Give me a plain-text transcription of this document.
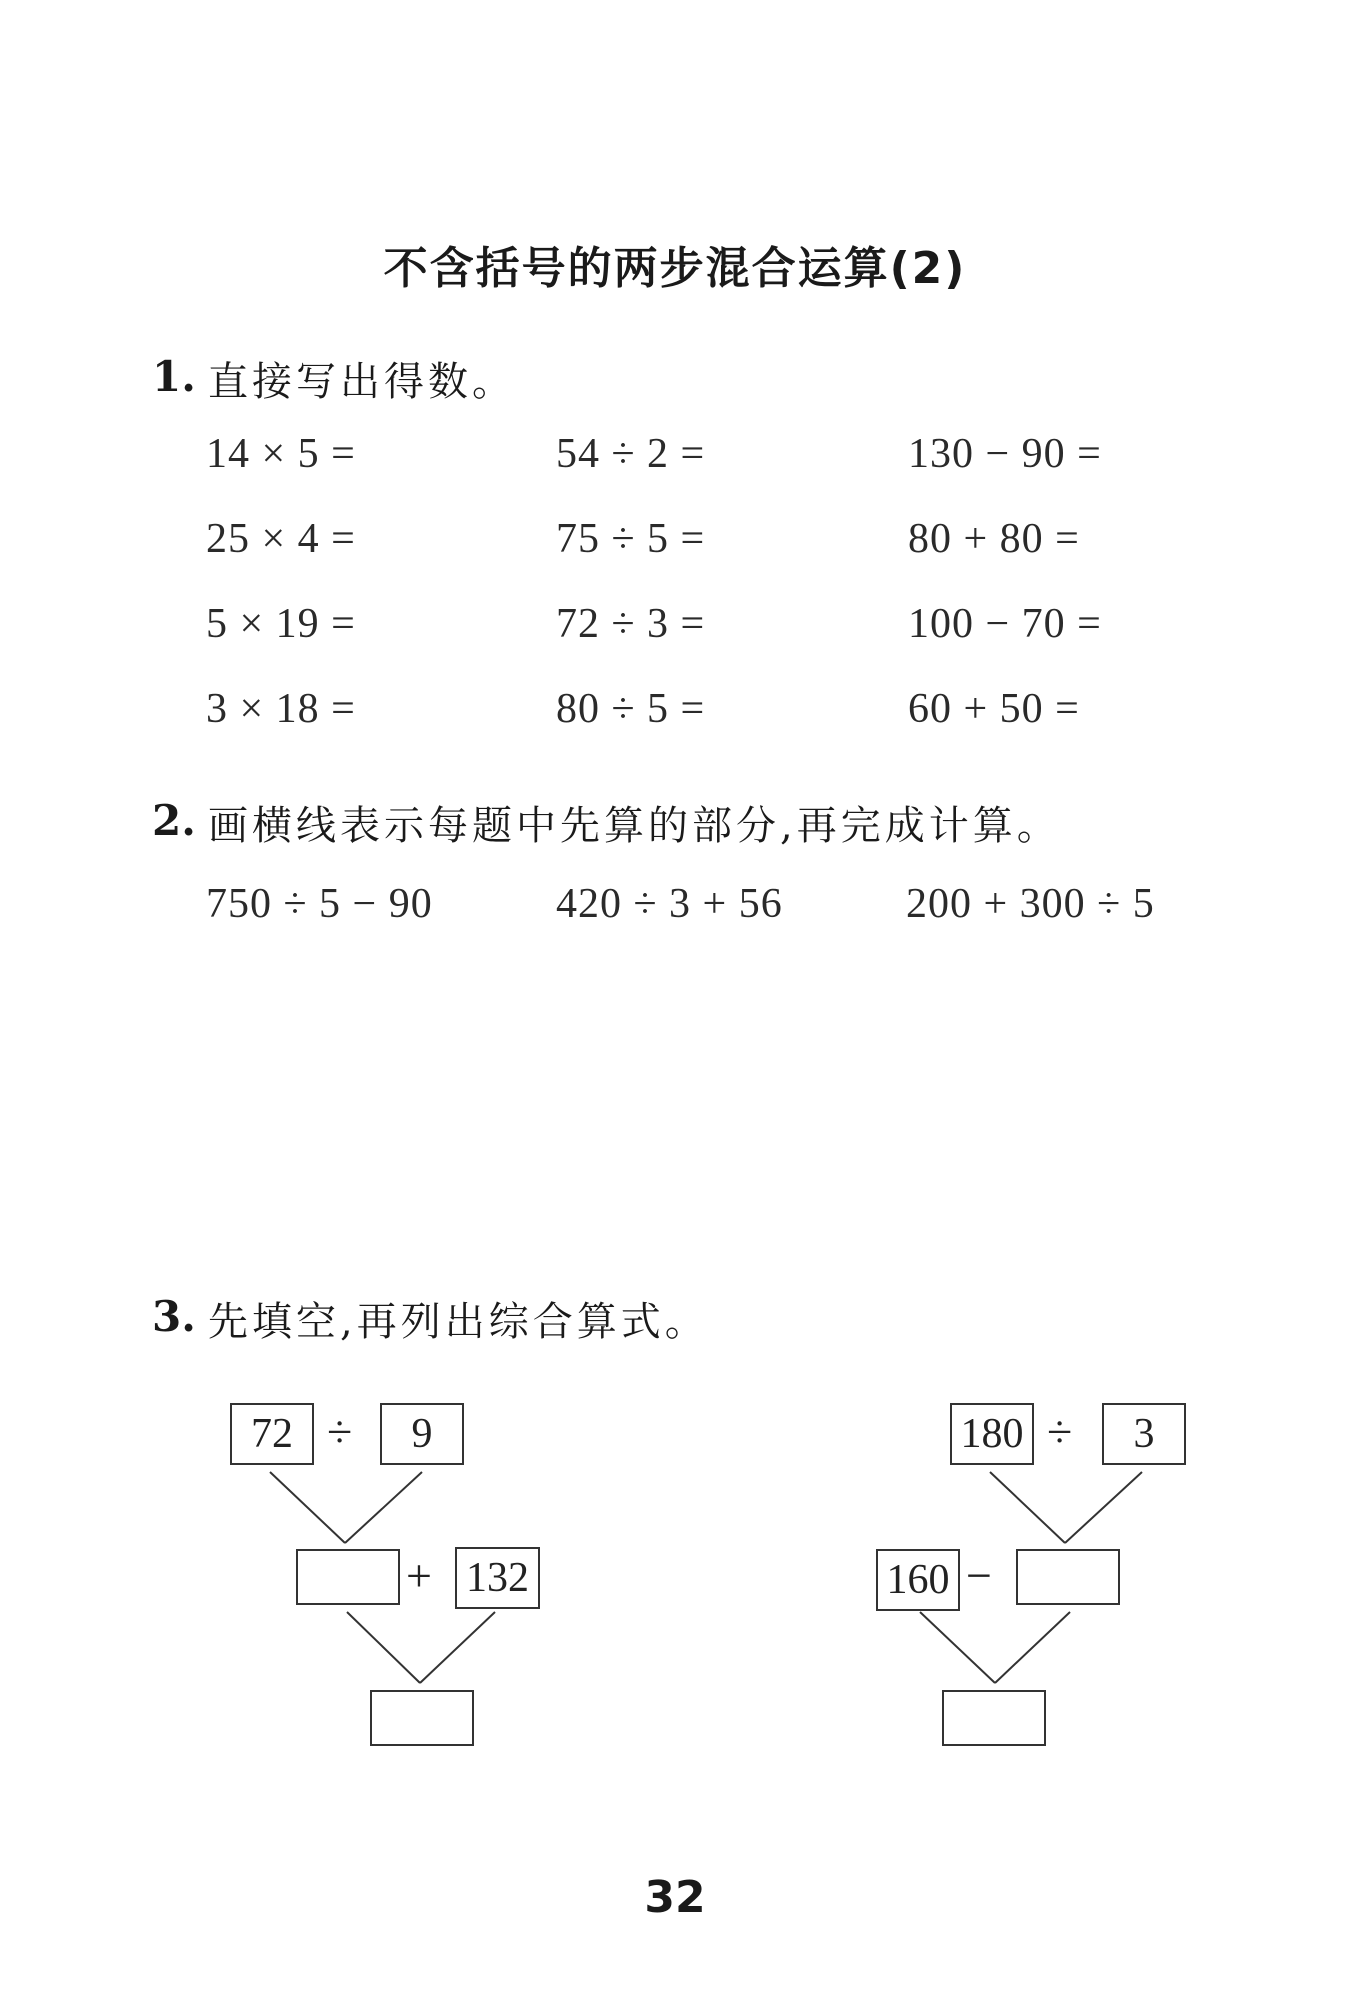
不含括号的两步混合运算(2)
1. 直接写出得数。
14 × 5 =	54 ÷ 2 =	130 − 90 =
25 × 4 =	75 ÷ 5 =	80 + 80 =
5 × 19 =	72 ÷ 3 =	100 − 70 =
3 × 18 =	80 ÷ 5 =	60 + 50 =
2. 画横线表示每题中先算的部分,再完成计算。
750 ÷ 5 − 90	420 ÷ 3 + 56	200 + 300 ÷ 5
3. 先填空,再列出综合算式。
72 ÷	9
+ 132
180 ÷	3
160 −
32
